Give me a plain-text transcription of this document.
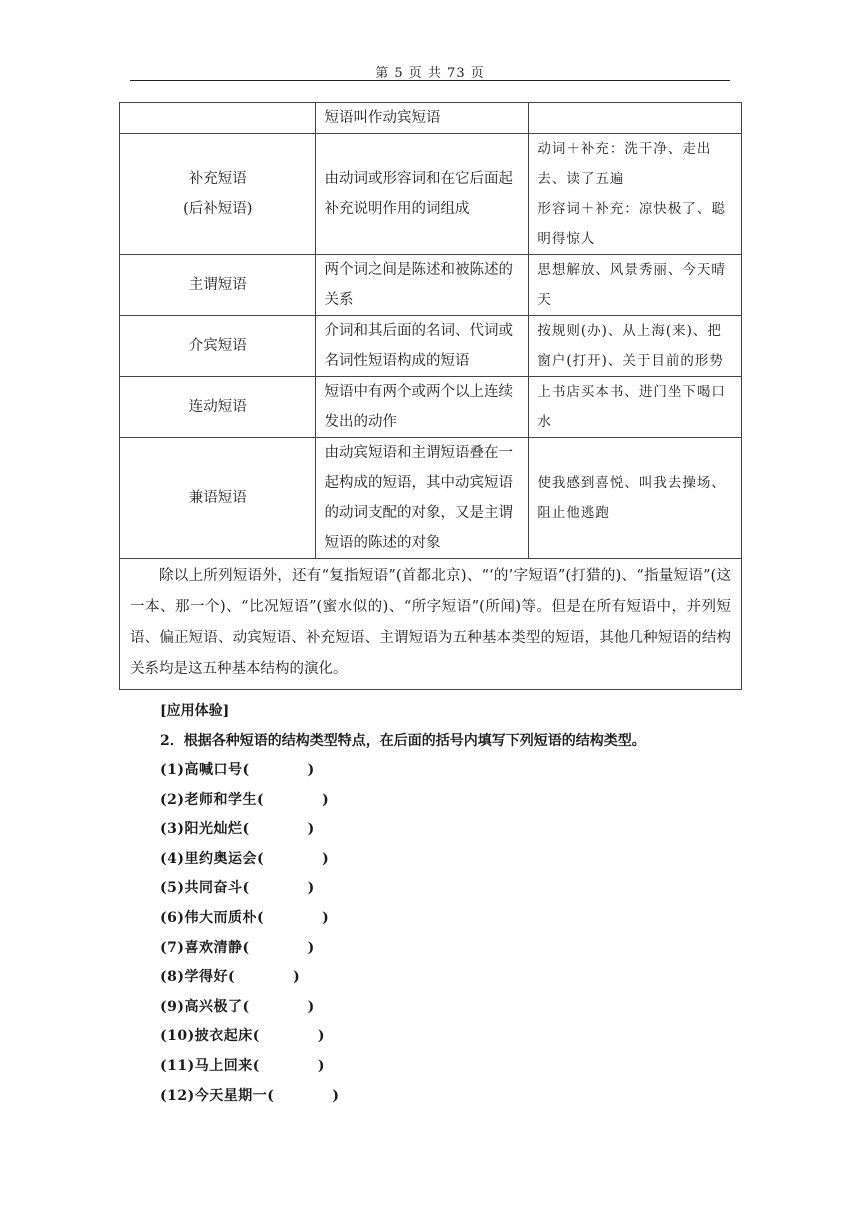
第 5 页 共 73 页
	短语叫作动宾短语	
补充短语
(后补短语)	由动词或形容词和在它后面起补充说明作用的词组成	动词＋补充：洗干净、走出去、读了五遍
形容词＋补充：凉快极了、聪明得惊人
主谓短语	两个词之间是陈述和被陈述的关系	思想解放、风景秀丽、今天晴天
介宾短语	介词和其后面的名词、代词或名词性短语构成的短语	按规则(办)、从上海(来)、把窗户(打开)、关于目前的形势
连动短语	短语中有两个或两个以上连续发出的动作	上书店买本书、进门坐下喝口水
兼语短语	由动宾短语和主谓短语叠在一起构成的短语，其中动宾短语的动词支配的对象，又是主谓短语的陈述的对象	使我感到喜悦、叫我去操场、阻止他逃跑

除以上所列短语外，还有“复指短语”(首都北京)、“‘的’字短语”(打猎的)、“指量短语”(这一本、那一个)、“比况短语”(蜜水似的)、“所字短语”(所闻)等。但是在所有短语中，并列短语、偏正短语、动宾短语、补充短语、主谓短语为五种基本类型的短语，其他几种短语的结构关系均是这五种基本结构的演化。		
[应用体验]
2．根据各种短语的结构类型特点，在后面的括号内填写下列短语的结构类型。
(1)高喊口号(	)
(2)老师和学生(	)
(3)阳光灿烂(	)
(4)里约奥运会(	)
(5)共同奋斗(	)
(6)伟大而质朴(	)
(7)喜欢清静(	)
(8)学得好(	)
(9)高兴极了(	)
(10)披衣起床(	)
(11)马上回来(	)
(12)今天星期一(	)
